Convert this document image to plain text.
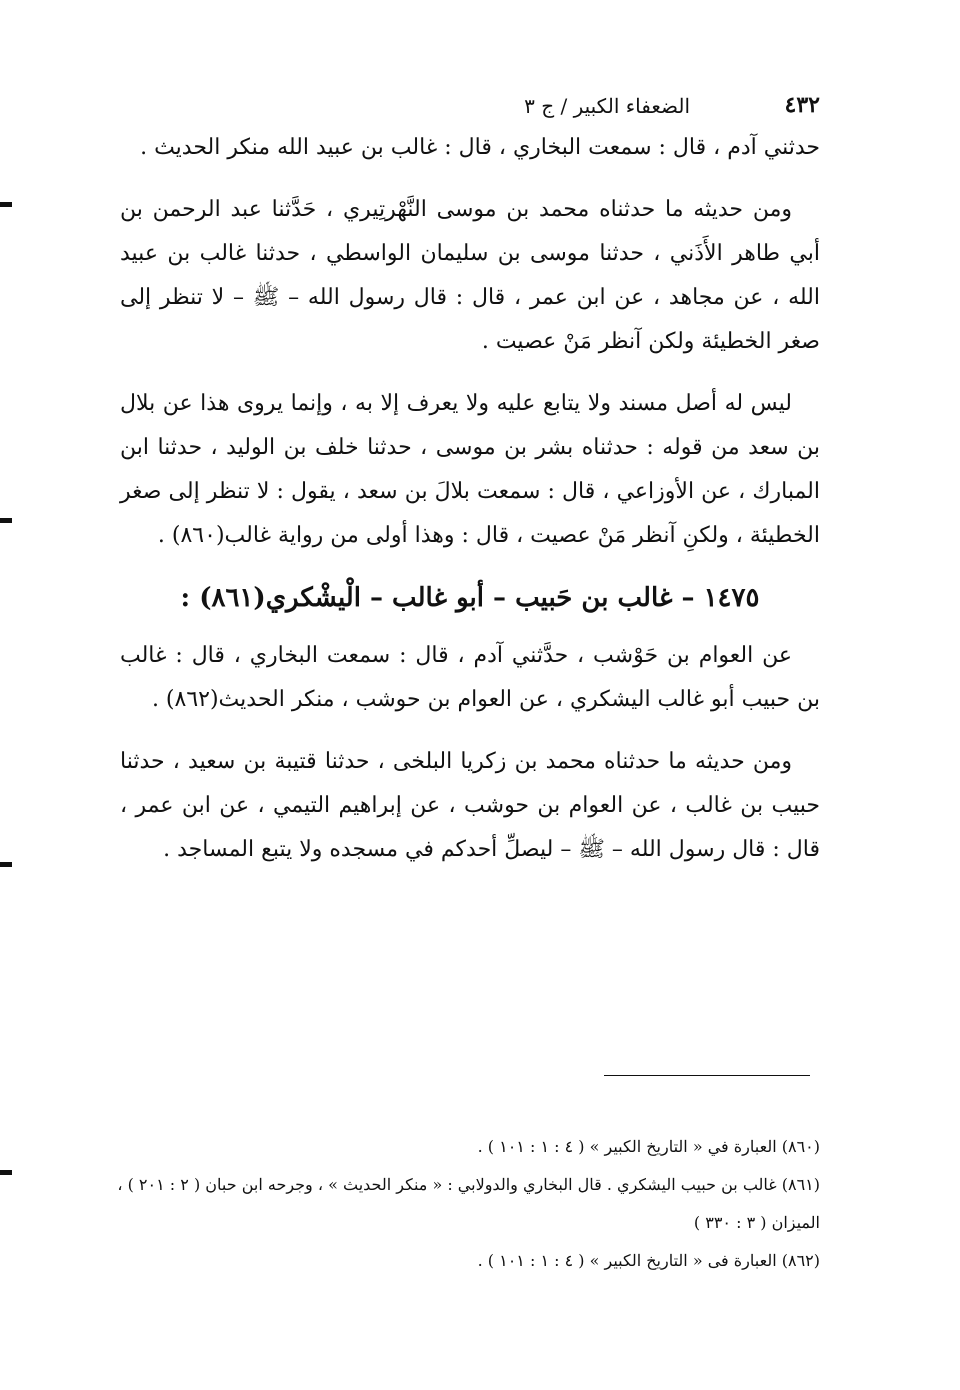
٤٣٢
الضعفاء الكبير / ج ٣

حدثني آدم ، قال : سمعت البخاري ، قال : غالب بن عبيد الله منكر الحديث .

ومن حديثه ما حدثناه محمد بن موسى النَّهْرتِيري ، حَدَّثنا عبد الرحمن بن أبي طاهر الأَذَني ، حدثنا موسى بن سليمان الواسطي ، حدثنا غالب بن عبيد الله ، عن مجاهد ، عن ابن عمر ، قال : قال رسول الله – ﷺ – لا تنظر إلى صغر الخطيئة ولكن آنظر مَنْ عصيت .

ليس له أصل مسند ولا يتابع عليه ولا يعرف إلا به ، وإنما يروى هذا عن بلال بن سعد من قوله : حدثناه بشر بن موسى ، حدثنا خلف بن الوليد ، حدثنا ابن المبارك ، عن الأوزاعي ، قال : سمعت بلالَ بن سعد ، يقول : لا تنظر إلى صغر الخطيئة ، ولكنِ آنظر مَنْ عصيت ، قال : وهذا أولى من رواية غالب(٨٦٠) .

١٤٧٥ – غالب بن حَبيب – أبو غالب – الْيشْكري(٨٦١) :

عن العوام بن حَوْشب ، حدَّثني آدم ، قال : سمعت البخاري ، قال : غالب بن حبيب أبو غالب اليشكري ، عن العوام بن حوشب ، منكر الحديث(٨٦٢) .

ومن حديثه ما حدثناه محمد بن زكريا البلخى ، حدثنا قتيبة بن سعيد ، حدثنا حبيب بن غالب ، عن العوام بن حوشب ، عن إبراهيم التيمي ، عن ابن عمر ، قال : قال رسول الله – ﷺ – ليصلِّ أحدكم في مسجده ولا يتبع المساجد .

(٨٦٠) العبارة في « التاريخ الكبير » ( ٤ : ١ : ١٠١ ) .

(٨٦١) غالب بن حبيب اليشكري . قال البخاري والدولابي : « منكر الحديث » ، وجرحه ابن حبان ( ٢ : ٢٠١ ) ، الميزان ( ٣ : ٣٣٠ )

(٨٦٢) العبارة فى « التاريخ الكبير » ( ٤ : ١ : ١٠١ ) .
